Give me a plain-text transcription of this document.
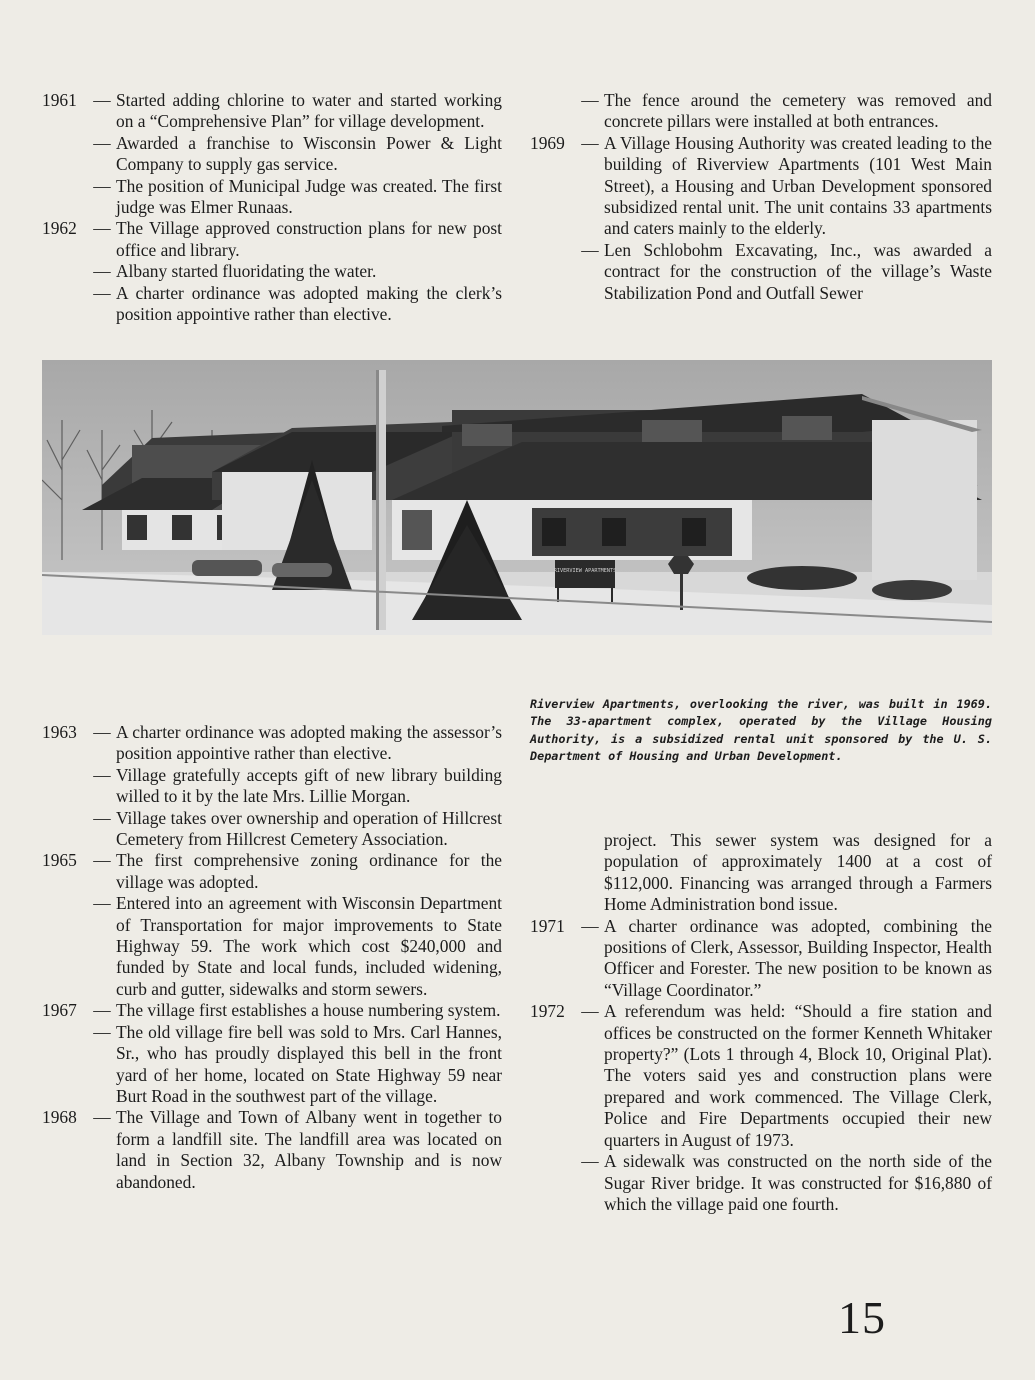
1961 — Started adding chlorine to water and started working on a “Comprehensive Plan” for village development.
— Awarded a franchise to Wisconsin Power & Light Company to supply gas service.
— The position of Municipal Judge was created. The first judge was Elmer Runaas.
1962 — The Village approved construction plans for new post office and library.
— Albany started fluoridating the water.
— A charter ordinance was adopted making the clerk’s position appointive rather than elective.
— The fence around the cemetery was removed and concrete pillars were installed at both entrances.
1969 — A Village Housing Authority was created leading to the building of Riverview Apartments (101 West Main Street), a Housing and Urban Development sponsored subsidized rental unit. The unit contains 33 apartments and caters mainly to the elderly.
— Len Schlobohm Excavating, Inc., was awarded a contract for the construction of the village’s Waste Stabilization Pond and Outfall Sewer
RIVERVIEW APARTMENTS
Riverview Apartments, overlooking the river, was built in 1969. The 33-apartment complex, operated by the Village Housing Authority, is a subsidized rental unit sponsored by the U. S. Department of Housing and Urban Development.
1963 — A charter ordinance was adopted making the assessor’s position appointive rather than elective.
— Village gratefully accepts gift of new library building willed to it by the late Mrs. Lillie Morgan.
— Village takes over ownership and operation of Hillcrest Cemetery from Hillcrest Cemetery Association.
1965 — The first comprehensive zoning ordinance for the village was adopted.
— Entered into an agreement with Wisconsin Department of Transportation for major improvements to State Highway 59. The work which cost $240,000 and funded by State and local funds, included widening, curb and gutter, sidewalks and storm sewers.
1967 — The village first establishes a house numbering system.
— The old village fire bell was sold to Mrs. Carl Hannes, Sr., who has proudly displayed this bell in the front yard of her home, located on State Highway 59 near Burt Road in the southwest part of the village.
1968 — The Village and Town of Albany went in together to form a landfill site. The landfill area was located on land in Section 32, Albany Township and is now abandoned.
project. This sewer system was designed for a population of approximately 1400 at a cost of $112,000. Financing was arranged through a Farmers Home Administration bond issue.
1971 — A charter ordinance was adopted, combining the positions of Clerk, Assessor, Building Inspector, Health Officer and Forester. The new position to be known as “Village Coordinator.”
1972 — A referendum was held: “Should a fire station and offices be constructed on the former Kenneth Whitaker property?” (Lots 1 through 4, Block 10, Original Plat). The voters said yes and construction plans were prepared and work commenced. The Village Clerk, Police and Fire Departments occupied their new quarters in August of 1973.
— A sidewalk was constructed on the north side of the Sugar River bridge. It was constructed for $16,880 of which the village paid one fourth.
15
